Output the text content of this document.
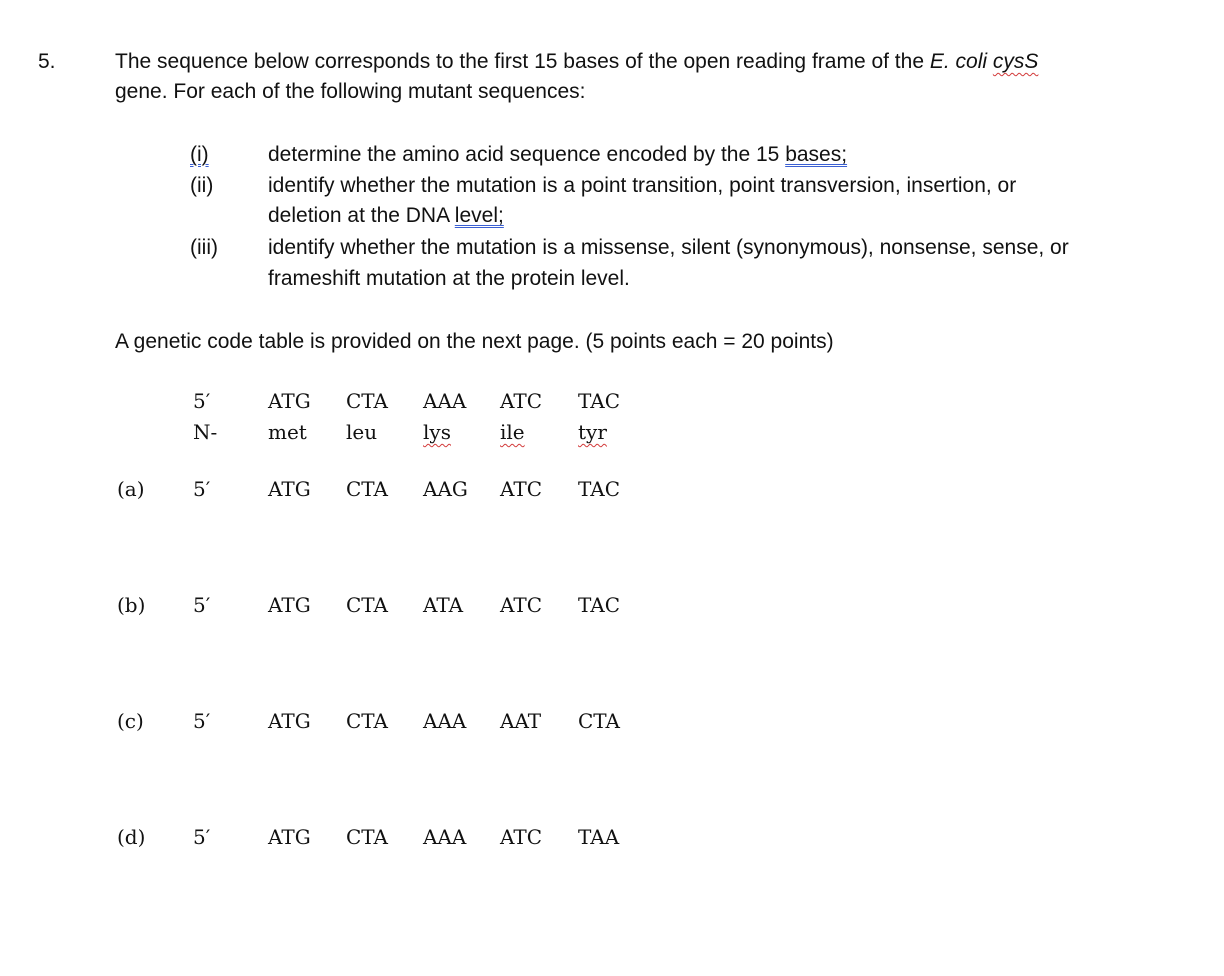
5.	The sequence below corresponds to the first 15 bases of the open reading frame of the E. coli cysS
gene. For each of the following mutant sequences:
(i)	determine the amino acid sequence encoded by the 15 bases;
(ii)	identify whether the mutation is a point transition, point transversion, insertion, or
deletion at the DNA level;
(iii) identify whether the mutation is a missense, silent (synonymous), nonsense, sense, or
frameshift mutation at the protein level.
A genetic code table is provided on the next page. (5 points each = 20 points)
5′	ATG CTA AAA ATC TAC
N-	met leu lys ile	tyr
(a) 5′	ATG CTA AAG ATC TAC
(b) 5′	ATG CTA ATA ATC TAC
(c) 5′	ATG CTA AAA AAT CTA
(d) 5′	ATG CTA AAA ATC TAA
